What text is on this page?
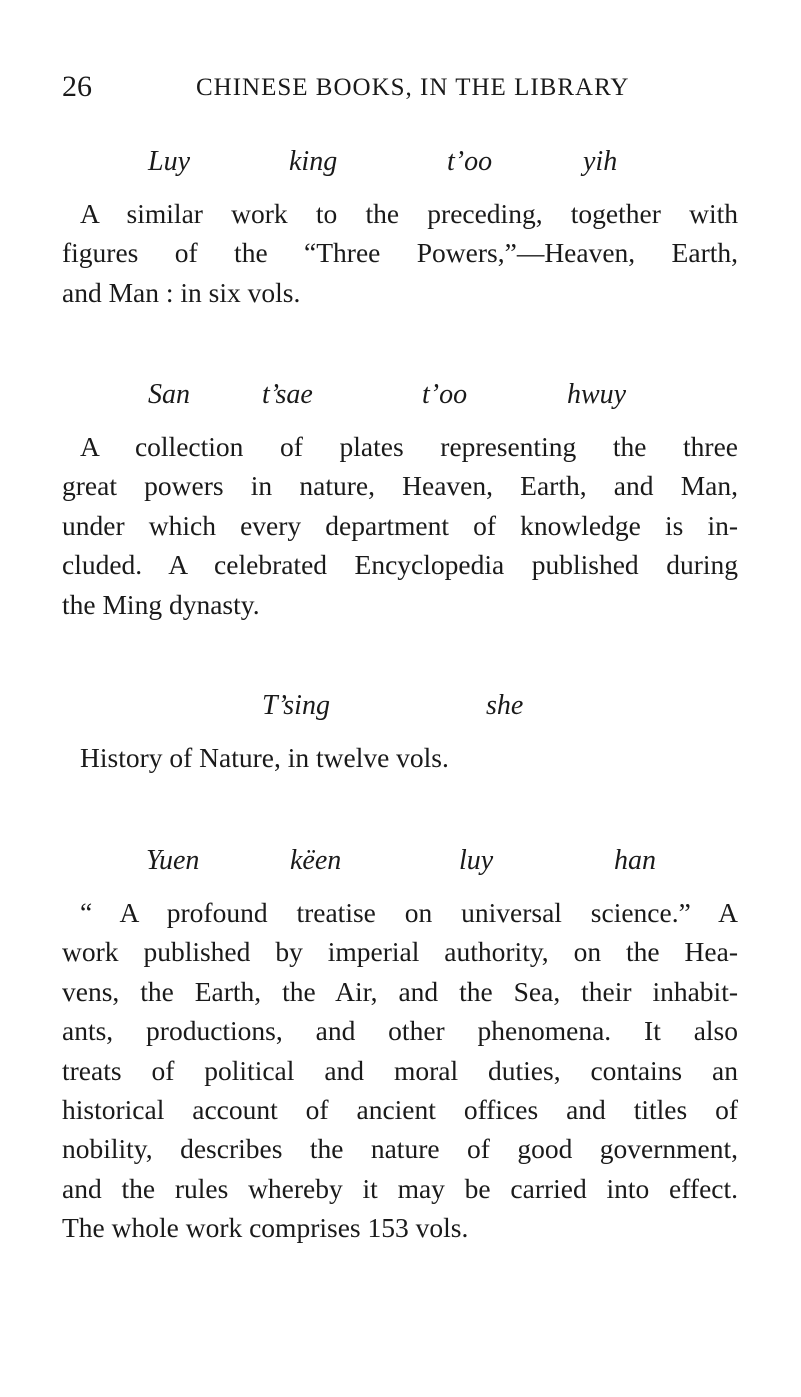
26	CHINESE BOOKS, IN THE LIBRARY
Luy	king	t’oo	yih
A similar work to the preceding, together with
figures of the “Three Powers,”—Heaven, Earth,
and Man : in six vols.
San	t’sae	t’oo	hwuy
A collection of plates representing the three
great powers in nature, Heaven, Earth, and Man,
under which every department of knowledge is in-
cluded. A celebrated Encyclopedia published during
the Ming dynasty.
T’sing	she
History of Nature, in twelve vols.
Yuen	këen	luy	han
“ A profound treatise on universal science.” A
work published by imperial authority, on the Hea-
vens, the Earth, the Air, and the Sea, their inhabit-
ants, productions, and other phenomena. It also
treats of political and moral duties, contains an
historical account of ancient offices and titles of
nobility, describes the nature of good government,
and the rules whereby it may be carried into effect.
The whole work comprises 153 vols.
